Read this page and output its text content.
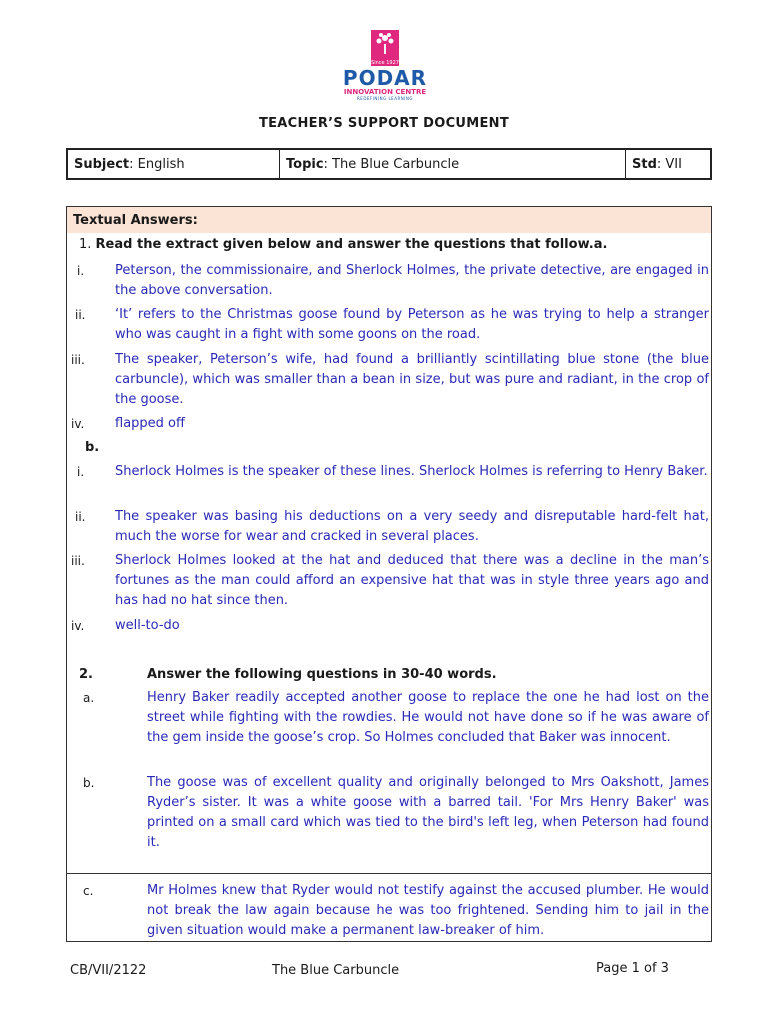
Since 1927
PODAR
INNOVATION CENTRE
REDEFINING LEARNING
TEACHER’S SUPPORT DOCUMENT
Subject: English	Topic: The Blue Carbuncle	Std: VII
Textual Answers:
1. Read the extract given below and answer the questions that follow.a.
i. Peterson, the commissionaire, and Sherlock Holmes, the private detective, are engaged in the above conversation.
ii. ‘It’ refers to the Christmas goose found by Peterson as he was trying to help a stranger who was caught in a fight with some goons on the road.
iii. The speaker, Peterson’s wife, had found a brilliantly scintillating blue stone (the blue carbuncle), which was smaller than a bean in size, but was pure and radiant, in the crop of the goose.
iv. flapped off
b.
i. Sherlock Holmes is the speaker of these lines. Sherlock Holmes is referring to Henry Baker.
ii. The speaker was basing his deductions on a very seedy and disreputable hard-felt hat, much the worse for wear and cracked in several places.
iii. Sherlock Holmes looked at the hat and deduced that there was a decline in the man’s fortunes as the man could afford an expensive hat that was in style three years ago and has had no hat since then.
iv. well-to-do
2.	Answer the following questions in 30-40 words.
a.	Henry Baker readily accepted another goose to replace the one he had lost on the street while fighting with the rowdies. He would not have done so if he was aware of the gem inside the goose’s crop. So Holmes concluded that Baker was innocent.
b.	The goose was of excellent quality and originally belonged to Mrs Oakshott, James Ryder’s sister. It was a white goose with a barred tail. 'For Mrs Henry Baker' was printed on a small card which was tied to the bird's left leg, when Peterson had found it.
c.	Mr Holmes knew that Ryder would not testify against the accused plumber. He would not break the law again because he was too frightened. Sending him to jail in the given situation would make a permanent law-breaker of him.
CB/VII/2122	The Blue Carbuncle	Page 1 of 3
